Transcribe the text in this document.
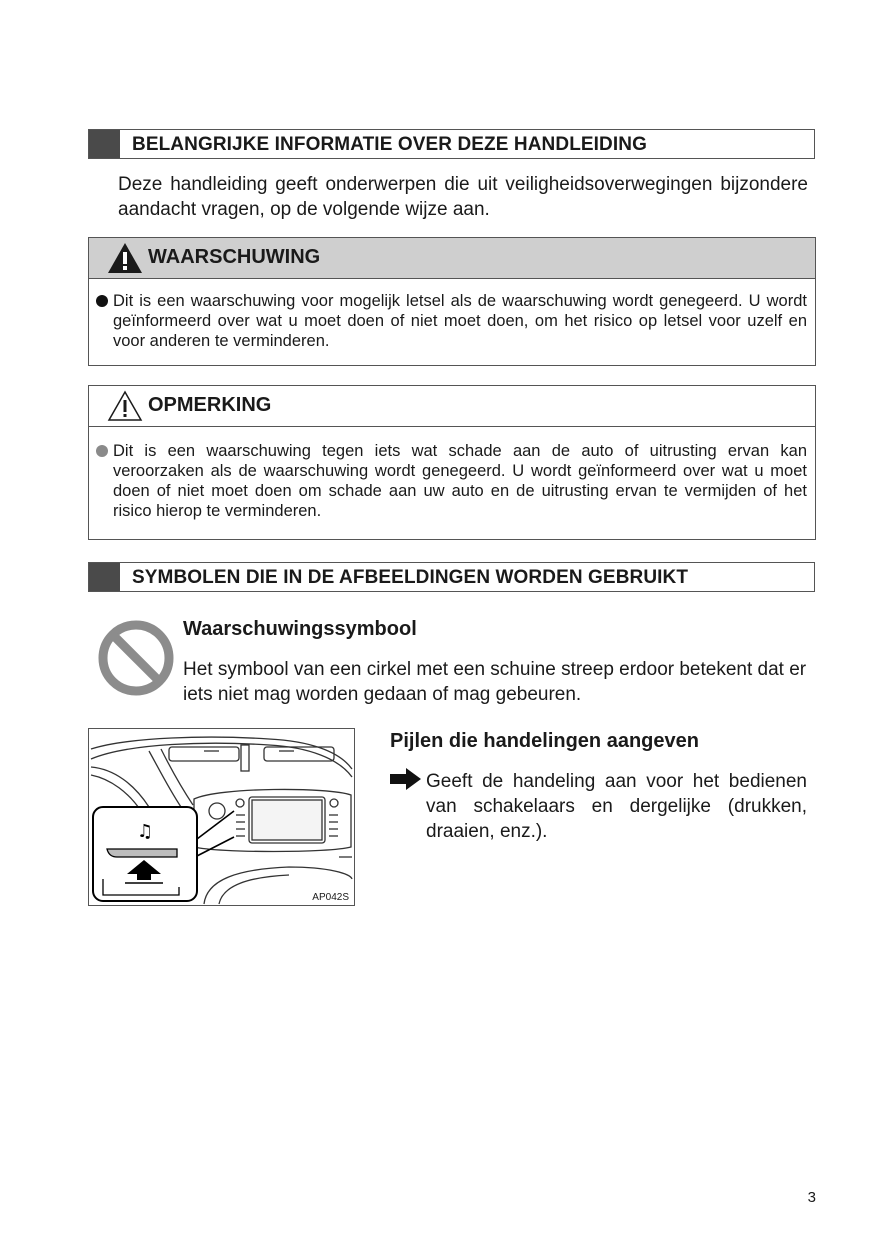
BELANGRIJKE INFORMATIE OVER DEZE HANDLEIDING
Deze handleiding geeft onderwerpen die uit veiligheidsoverwegingen bijzondere aandacht vragen, op de volgende wijze aan.
WAARSCHUWING
Dit is een waarschuwing voor mogelijk letsel als de waarschuwing wordt genegeerd. U wordt geïnformeerd over wat u moet doen of niet moet doen, om het risico op letsel voor uzelf en voor anderen te verminderen.
OPMERKING
Dit is een waarschuwing tegen iets wat schade aan de auto of uitrusting ervan kan veroorzaken als de waarschuwing wordt genegeerd. U wordt geïnformeerd over wat u moet doen of niet moet doen om schade aan uw auto en de uitrusting ervan te vermijden of het risico hierop te verminderen.
SYMBOLEN DIE IN DE AFBEELDINGEN WORDEN GEBRUIKT
Waarschuwingssymbool
Het symbool van een cirkel met een schuine streep erdoor betekent dat er iets niet mag worden gedaan of mag gebeuren.
♫
AP042S
Pijlen die handelingen aangeven
Geeft de handeling aan voor het bedienen van schakelaars en dergelijke (drukken, draaien, enz.).
3
